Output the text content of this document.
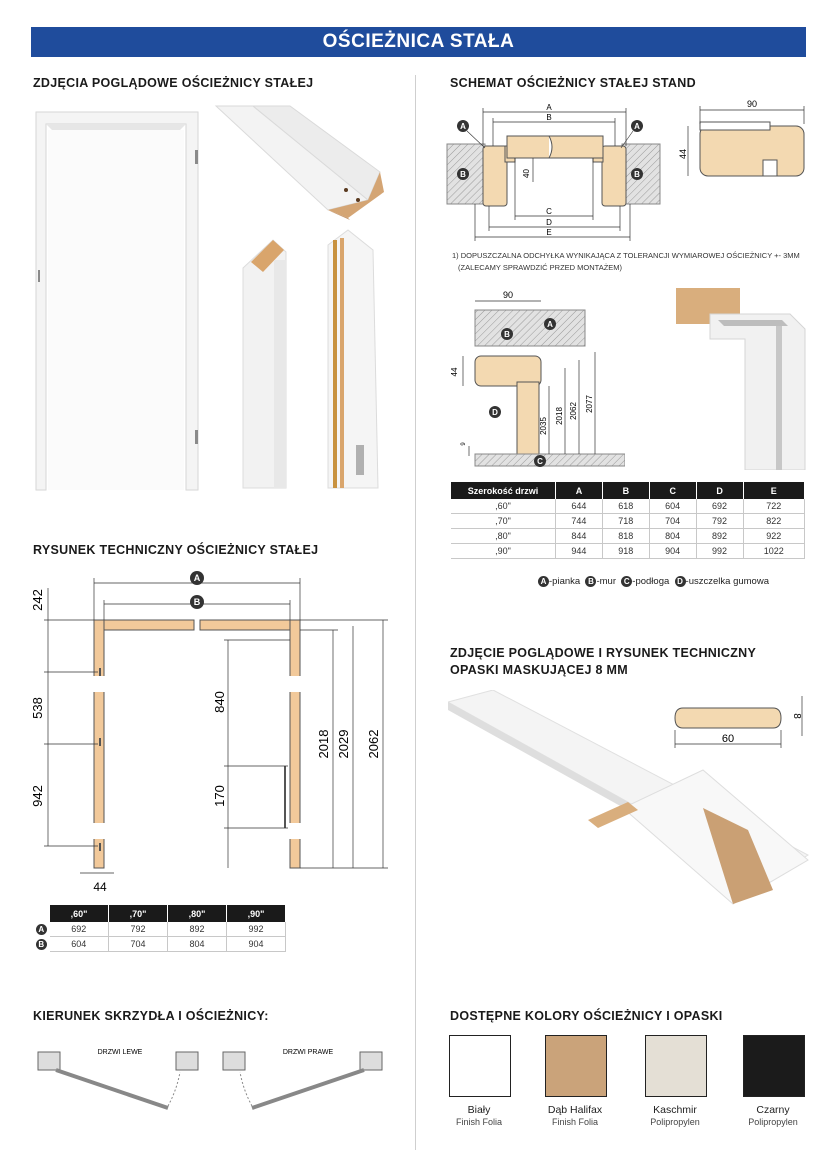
OŚCIEŻNICA STAŁA
ZDJĘCIA POGLĄDOWE OŚCIEŻNICY STAŁEJ	SCHEMAT OŚCIEŻNICY STAŁEJ STAND
A
B
C
D
E
40
A
B
A
B
90
44
1) DOPUSZCZALNA ODCHYŁKA WYNIKAJĄCA Z TOLERANCJI WYMIAROWEJ OŚCIEŻNICY +- 3MM
(ZALECAMY SPRAWDZIĆ PRZED MONTAŻEM)
90
44
2035
2018 2062 2077
9
A
B
C
D
Szerokość drzwi	A	B	C	D	E
,60"	644	618	604	692	722
,70"	744	718	704	792	822
,80"	844	818	804	892	922
,90"	944	918	904	992	1022
A -pianka B -mur C -podłoga D -uszczelka gumowa
RYSUNEK TECHNICZNY OŚCIEŻNICY STAŁEJ
A
B
242
538
942
44
840
170
2018 2029 2062
	,60"	,70"	,80"	,90"
A	692	792	892	992
B	604	704	804	904
ZDJĘCIE POGLĄDOWE I RYSUNEK TECHNICZNY OPASKI MASKUJĄCEJ 8 MM
60
8
KIERUNEK SKRZYDŁA I OŚCIEŻNICY:
DRZWI LEWE	DRZWI PRAWE
DOSTĘPNE KOLORY OŚCIEŻNICY I OPASKI
Biały
Finish Folia
Dąb Halifax
Finish Folia
Kaschmir
Polipropylen
Czarny
Polipropylen
